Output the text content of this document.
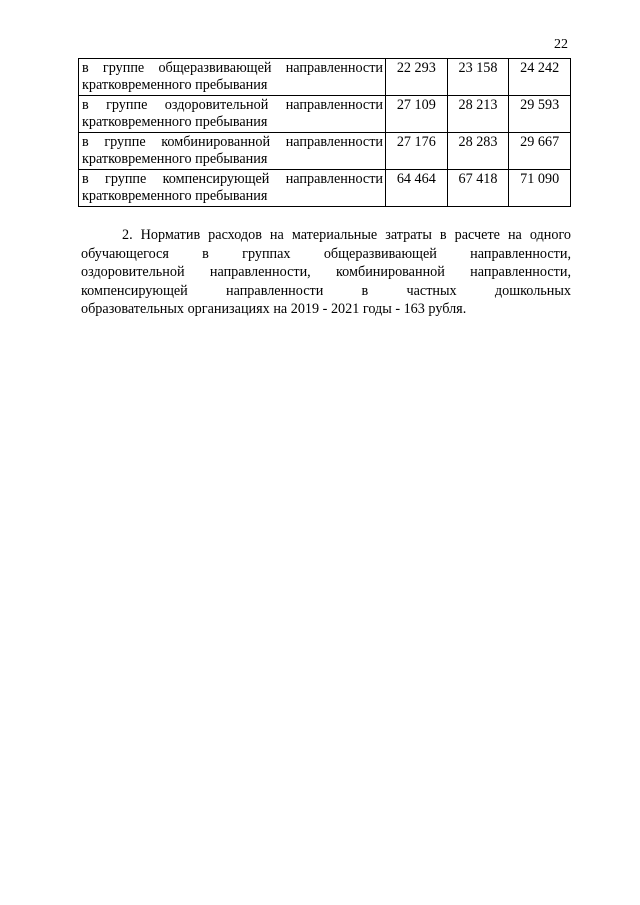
22
в группе общеразвивающей направленности кратковременного пребывания	22 293	23 158	24 242

в группе оздоровительной направленности кратковременного пребывания	27 109	28 213	29 593

в группе комбинированной направленности кратковременного пребывания	27 176	28 283	29 667

в группе компенсирующей направленности кратковременного пребывания	64 464	67 418	71 090
2. Норматив расходов на материальные затраты в расчете на одного
обучающегося в группах общеразвивающей направленности,
оздоровительной направленности, комбинированной направленности,
компенсирующей направленности в частных дошкольных
образовательных организациях на 2019 - 2021 годы - 163 рубля.
